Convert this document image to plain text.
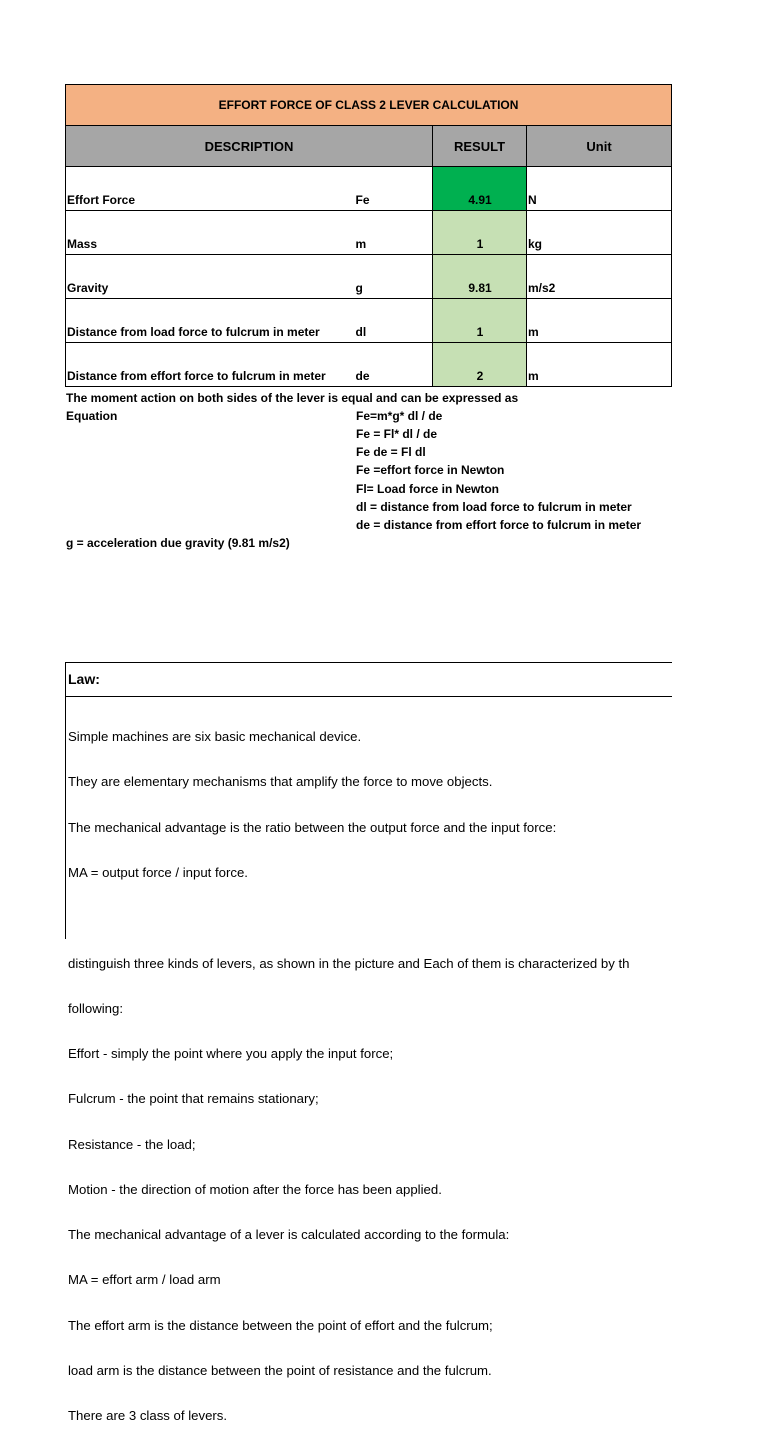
EFFORT FORCE OF CLASS 2 LEVER CALCULATION			
DESCRIPTION		RESULT	Unit
Effort Force	Fe	4.91	N
Mass	m	1	kg
Gravity	g	9.81	m/s2
Distance from load force to fulcrum in meter	dl	1	m
Distance from effort force to fulcrum in meter	de	2	m
The moment action on both sides of the lever is equal and can be expressed as
Equation	Fe=m*g* dl / de
Fe = Fl* dl / de
Fe de = Fl dl
Fe =effort force in Newton
Fl= Load force in Newton
dl = distance from load force to fulcrum in meter
de = distance from effort force to fulcrum in meter
g = acceleration due gravity (9.81 m/s2)
Law:

Simple machines are six basic mechanical device.

They are elementary mechanisms that amplify the force to move objects.

The mechanical advantage is the ratio between the output force and the input force:

MA = output force / input force.

distinguish three kinds of levers, as shown in the picture and Each of them is characterized by th

following:

Effort - simply the point where you apply the input force;

Fulcrum - the point that remains stationary;

Resistance - the load;

Motion - the direction of motion after the force has been applied.

The mechanical advantage of a lever is calculated according to the formula:

MA = effort arm / load arm

The effort arm is the distance between the point of effort and the fulcrum;

load arm is the distance between the point of resistance and the fulcrum.

There are 3 class of levers.
